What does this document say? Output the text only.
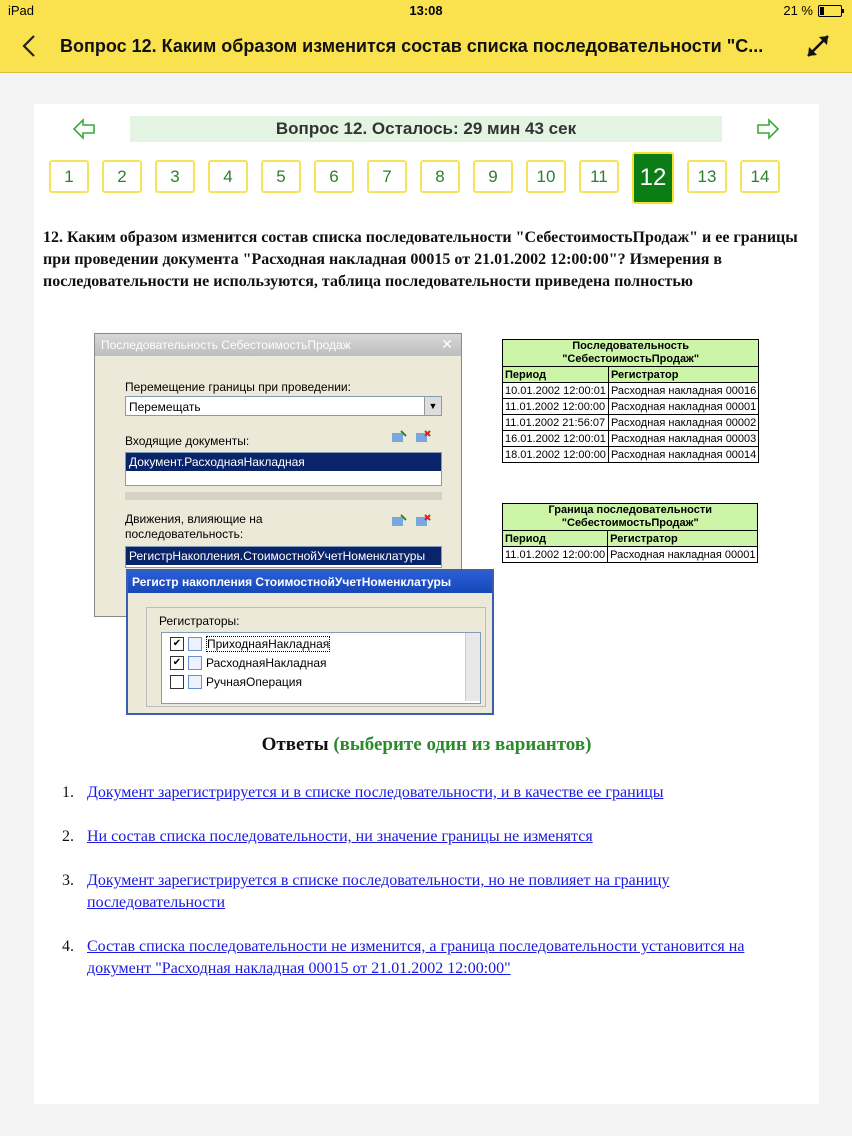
iPad	13:08	21 %
Вопрос 12. Каким образом изменится состав списка последовательности "С...
Вопрос 12. Осталось: 29 мин 43 сек
1	2	3	4	5	6	7	8	9	10	11	12	13	14
12. Каким образом изменится состав списка последовательности "СебестоимостьПродаж" и ее границы при проведении документа "Расходная накладная 00015 от 21.01.2002 12:00:00"? Измерения в последовательности не используются, таблица последовательности приведена полностью
Последовательность СебестоимостьПродаж	✕
Перемещение границы при проведении:
Перемещать	▼
Входящие документы:
Документ.РасходнаяНакладная
Движения, влияющие на
последовательность:
РегистрНакопления.СтоимостнойУчетНоменклатуры
Регистр накопления СтоимостнойУчетНоменклатуры
Регистраторы:
✔ ПриходнаяНакладная
✔ РасходнаяНакладная
РучнаяОперация
Последовательность
"СебестоимостьПродаж"	
Период	Регистратор
10.01.2002 12:00:01	Расходная накладная 00016
11.01.2002 12:00:00	Расходная накладная 00001
11.01.2002 21:56:07	Расходная накладная 00002
16.01.2002 12:00:01	Расходная накладная 00003
18.01.2002 12:00:00	Расходная накладная 00014
Граница последовательности
"СебестоимостьПродаж"	
Период	Регистратор
11.01.2002 12:00:00	Расходная накладная 00001
Ответы (выберите один из вариантов)
1. Документ зарегистрируется и в списке последовательности, и в качестве ее границы
2. Ни состав списка последовательности, ни значение границы не изменятся
3. Документ зарегистрируется в списке последовательности, но не повлияет на границу последовательности
4. Состав списка последовательности не изменится, а граница последовательности установится на документ "Расходная накладная 00015 от 21.01.2002 12:00:00"
